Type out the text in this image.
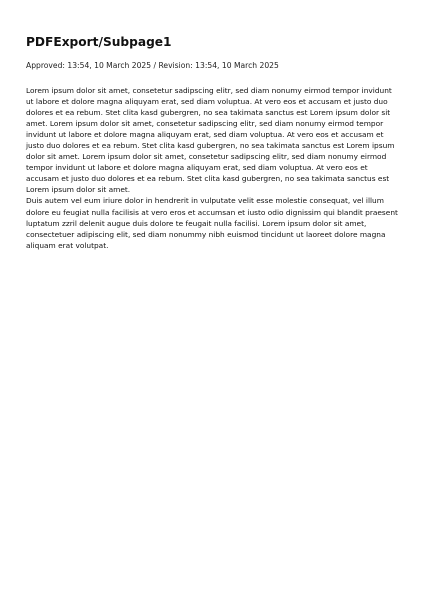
PDFExport/Subpage1
Approved: 13:54, 10 March 2025 / Revision: 13:54, 10 March 2025

Lorem ipsum dolor sit amet, consetetur sadipscing elitr, sed diam nonumy eirmod tempor invidunt ut labore et dolore magna aliquyam erat, sed diam voluptua. At vero eos et accusam et justo duo dolores et ea rebum. Stet clita kasd gubergren, no sea takimata sanctus est Lorem ipsum dolor sit amet. Lorem ipsum dolor sit amet, consetetur sadipscing elitr, sed diam nonumy eirmod tempor invidunt ut labore et dolore magna aliquyam erat, sed diam voluptua. At vero eos et accusam et justo duo dolores et ea rebum. Stet clita kasd gubergren, no sea takimata sanctus est Lorem ipsum dolor sit amet. Lorem ipsum dolor sit amet, consetetur sadipscing elitr, sed diam nonumy eirmod tempor invidunt ut labore et dolore magna aliquyam erat, sed diam voluptua. At vero eos et accusam et justo duo dolores et ea rebum. Stet clita kasd gubergren, no sea takimata sanctus est Lorem ipsum dolor sit amet.

Duis autem vel eum iriure dolor in hendrerit in vulputate velit esse molestie consequat, vel illum dolore eu feugiat nulla facilisis at vero eros et accumsan et iusto odio dignissim qui blandit praesent luptatum zzril delenit augue duis dolore te feugait nulla facilisi. Lorem ipsum dolor sit amet, consectetuer adipiscing elit, sed diam nonummy nibh euismod tincidunt ut laoreet dolore magna aliquam erat volutpat.
